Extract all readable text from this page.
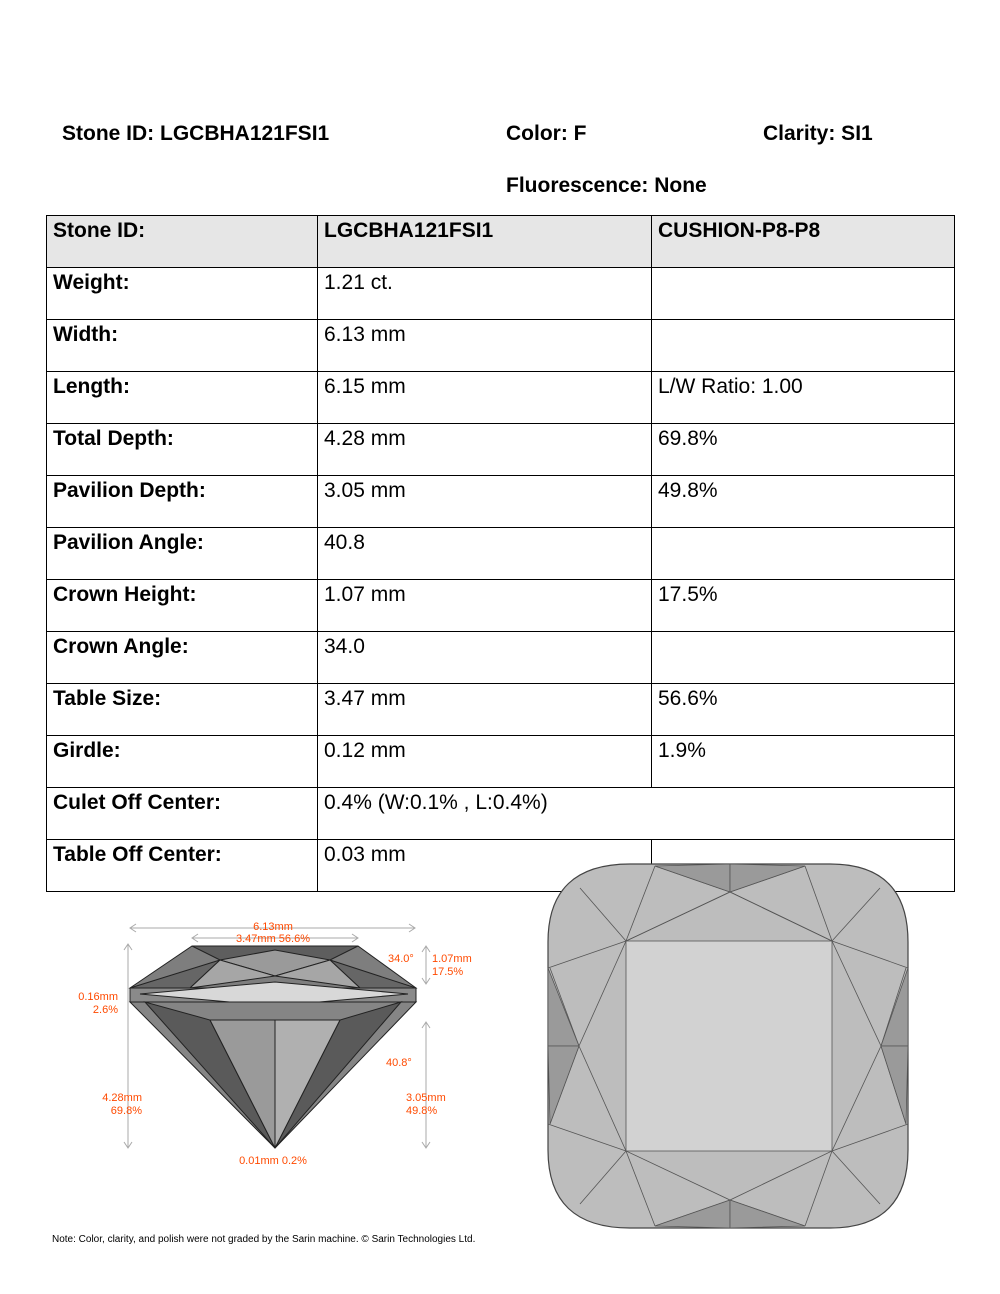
Stone ID: LGCBHA121FSI1	Color: F	Clarity: SI1
Fluorescence: None
Stone ID:	LGCBHA121FSI1	CUSHION-P8-P8
Weight:	1.21 ct.	
Width:	6.13 mm	
Length:	6.15 mm	L/W Ratio: 1.00
Total Depth:	4.28 mm	69.8%
Pavilion Depth:	3.05 mm	49.8%
Pavilion Angle:	40.8	
Crown Height:	1.07 mm	17.5%
Crown Angle:	34.0	
Table Size:	3.47 mm	56.6%
Girdle:	0.12 mm	1.9%
Culet Off Center:	0.4% (W:0.1% , L:0.4%)	
Table Off Center:	0.03 mm	
6.13mm
3.47mm 56.6%
34.0° 1.07mm
17.5%
0.16mm
2.6%
40.8°
4.28mm
69.8%
3.05mm
49.8%
0.01mm 0.2%
Note: Color, clarity, and polish were not graded by the Sarin machine. © Sarin Technologies Ltd.
